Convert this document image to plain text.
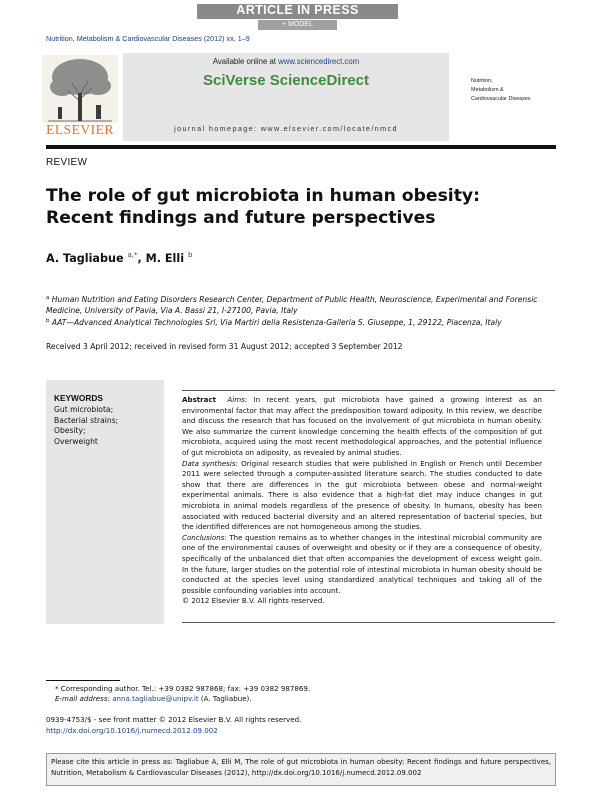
ARTICLE IN PRESS
+ MODEL
Nutrition, Metabolism & Cardiovascular Diseases (2012) xx, 1–9
ELSEVIER
Available online at www.sciencedirect.com
SciVerse ScienceDirect
journal homepage: www.elsevier.com/locate/nmcd
Nutrition,
Metabolism &
Cardiovascular Diseases
REVIEW
The role of gut microbiota in human obesity: Recent findings and future perspectives
A. Tagliabue $^{a,*}$, M. Elli $^b$
$^a$ Human Nutrition and Eating Disorders Research Center, Department of Public Health, Neuroscience, Experimental and Forensic Medicine, University of Pavia, Via A. Bassi 21, I-27100, Pavia, Italy
$^b$ AAT—Advanced Analytical Technologies Srl, Via Martiri della Resistenza-Galleria S. Giuseppe, 1, 29122, Piacenza, Italy
Received 3 April 2012; received in revised form 31 August 2012; accepted 3 September 2012
KEYWORDS
Gut microbiota;
Bacterial strains;
Obesity;
Overweight

Abstract Aims: In recent years, gut microbiota have gained a growing interest as an environmental factor that may affect the predisposition toward adiposity. In this review, we describe and discuss the research that has focused on the involvement of gut microbiota in human obesity. We also summarize the current knowledge concerning the health effects of the composition of gut microbiota, acquired using the most recent methodological approaches, and the potential influence of gut microbiota on adiposity, as revealed by animal studies.

Data synthesis: Original research studies that were published in English or French until December 2011 were selected through a computer-assisted literature search. The studies conducted to date show that there are differences in the gut microbiota between obese and normal-weight experimental animals. There is also evidence that a high-fat diet may induce changes in gut microbiota in animal models regardless of the presence of obesity. In humans, obesity has been associated with reduced bacterial diversity and an altered representation of bacterial species, but the identified differences are not homogeneous among the studies.

Conclusions: The question remains as to whether changes in the intestinal microbial community are one of the environmental causes of overweight and obesity or if they are a consequence of obesity, specifically of the unbalanced diet that often accompanies the development of excess weight gain. In the future, larger studies on the potential role of intestinal microbiota in human obesity should be conducted at the species level using standardized analytical techniques and taking all of the possible confounding variables into account.

© 2012 Elsevier B.V. All rights reserved.

* Corresponding author. Tel.: +39 0382 987868; fax: +39 0382 987869.
E-mail address: anna.tagliabue@unipv.it (A. Tagliabue).
0939-4753/$ - see front matter © 2012 Elsevier B.V. All rights reserved.
http://dx.doi.org/10.1016/j.numecd.2012.09.002
Please cite this article in press as: Tagliabue A, Elli M, The role of gut microbiota in human obesity: Recent findings and future perspectives, Nutrition, Metabolism & Cardiovascular Diseases (2012), http://dx.doi.org/10.1016/j.numecd.2012.09.002
